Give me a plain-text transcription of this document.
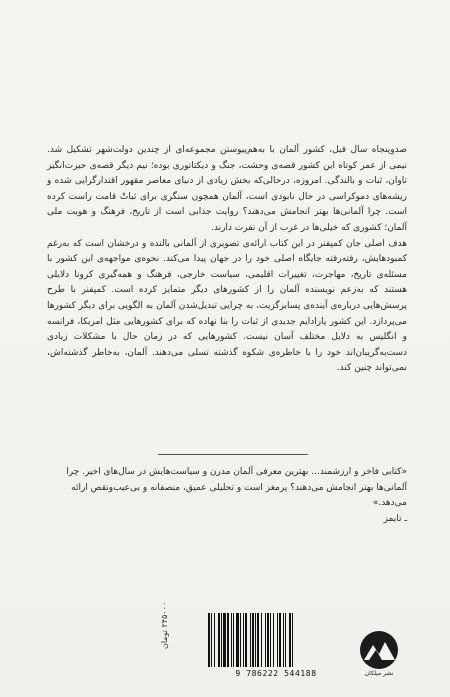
صدوپنجاه سال قبل، کشور آلمان با به‌هم‌پیوستن مجموعه‌ای از چندین دولت‌شهر تشکیل شد. نیمی از عمر کوتاه این کشور قصه‌ی وحشت، جنگ و دیکتاتوری بوده؛ نیم دیگر قصه‌ی حیرت‌انگیز تاوان، ثبات و بالندگی. امروزه، درحالی‌که بخش زیادی از دنیای معاصر مقهور اقتدارگرایی شده و ریشه‌های دموکراسی در حال نابودی است، آلمان همچون سنگری برای ثباتْ قامت راست کرده است. چرا آلمانی‌ها بهتر انجامش می‌دهند؟ روایت جذابی است از تاریخ، فرهنگ و هویت ملی آلمان؛ کشوری که خیلی‌ها در غرب از آن نفرت دارند.

هدف اصلی جان کمپفنر در این کتاب ارائه‌ی تصویری از آلمانی بالنده و درخشان است که به‌رغم کمبودهایش، رفته‌رفته جایگاه اصلی خود را در جهان پیدا می‌کند. نحوه‌ی مواجهه‌ی این کشور با مسئله‌ی تاریخ، مهاجرت، تغییرات اقلیمی، سیاست خارجی، فرهنگ و همه‌گیری کرونا دلایلی هستند که به‌زعم نویسنده آلمان را از کشورهای دیگر متمایز کرده است. کمپفنر با طرح پرسش‌هایی درباره‌ی آینده‌ی پسابرگزیت، به چرایی تبدیل‌شدن آلمان به الگویی برای دیگر کشورها می‌پردازد. این کشور پارادایم جدیدی از ثبات را بنا نهاده که برای کشورهایی مثل امریکا، فرانسه و انگلیس به دلایل مختلف آسان نیست. کشورهایی که در زمان حال با مشکلات زیادی دست‌به‌گریبان‌اند خود را با خاطره‌ی شکوه گذشته تسلی می‌دهند. آلمان، به‌خاطر گذشته‌اش، نمی‌تواند چنین کند.

«کتابی فاخر و ارزشمند... بهترین معرفی آلمان مدرن و سیاست‌هایش در سال‌های اخیر. چرا آلمانی‌ها بهتر انجامش می‌دهند؟ پرمغز است و تحلیلی عمیق، منصفانه و بی‌عیب‌ونقص ارائه می‌دهد.»

ـ تایمز

۲۴۵۰۰۰ تومان
9 786222 544188	نشر میلکان
